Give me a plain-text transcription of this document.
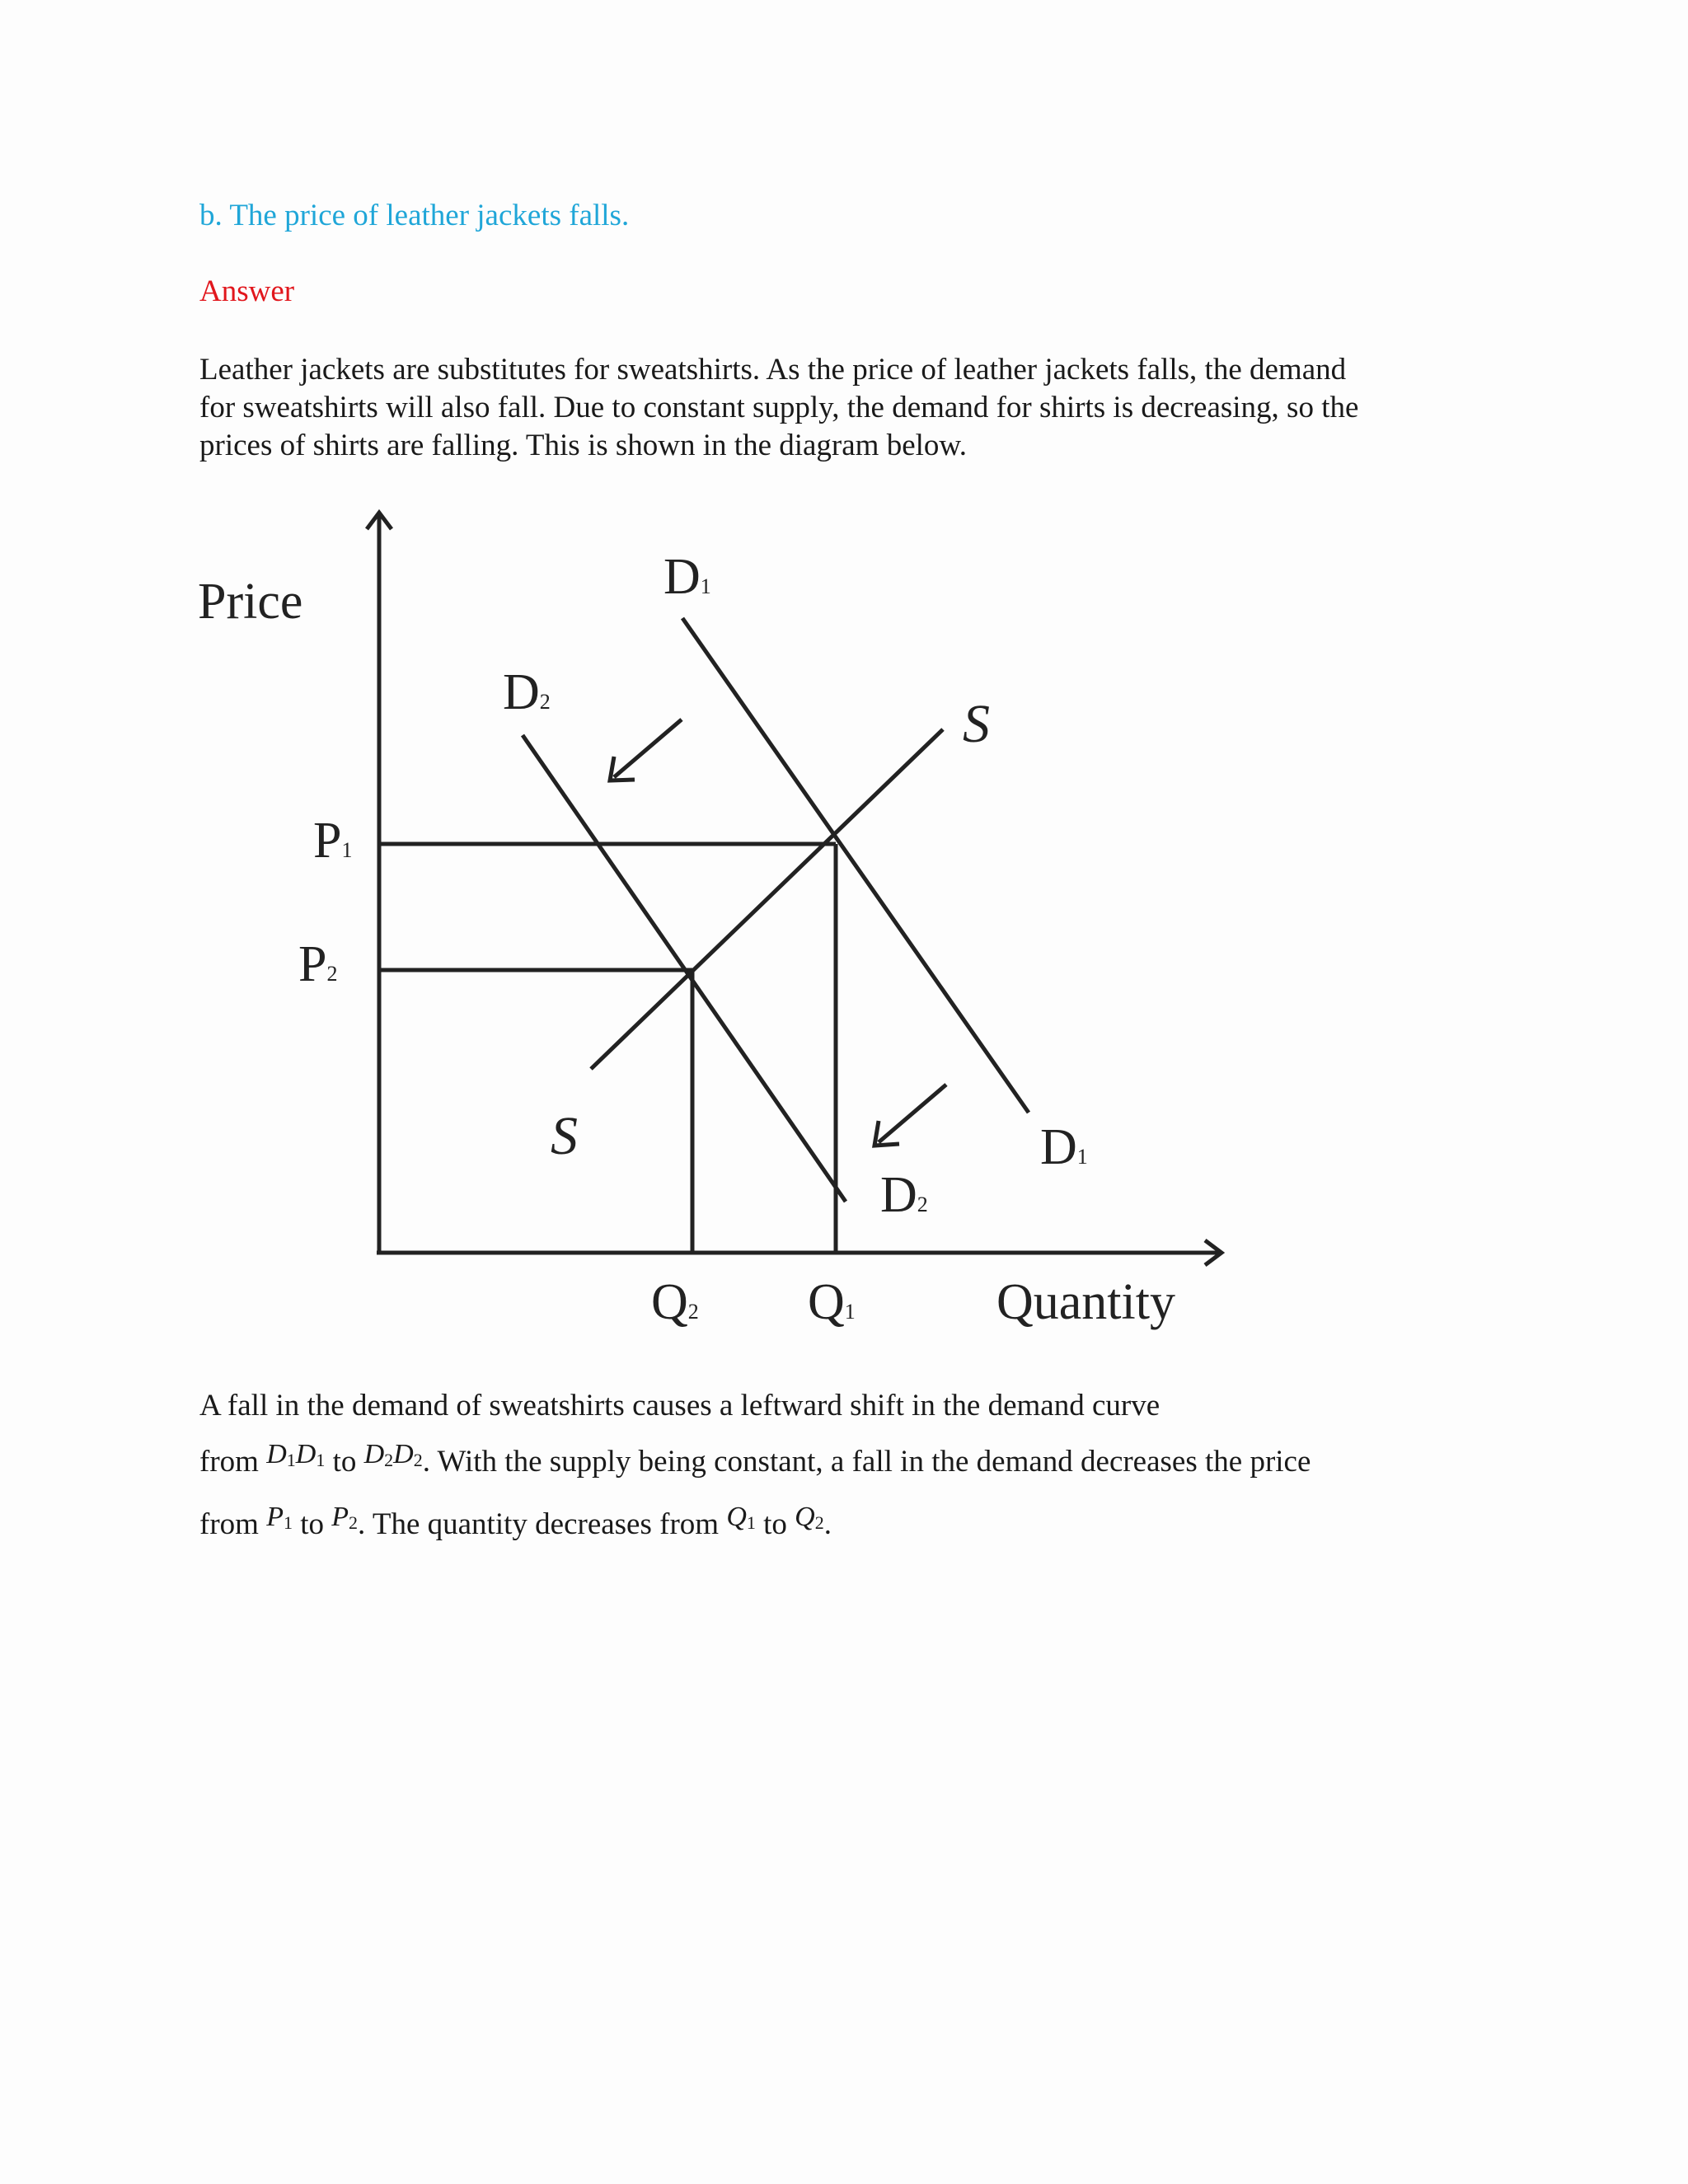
b. The price of leather jackets falls.
Answer
Leather jackets are substitutes for sweatshirts. As the price of leather jackets falls, the demand
for sweatshirts will also fall. Due to constant supply, the demand for shirts is decreasing, so the
prices of shirts are falling. This is shown in the diagram below.
Price
P1
P2
Q2 Q1	Quantity
D1
D2
D2
D1
S
S
A fall in the demand of sweatshirts causes a leftward shift in the demand curve
from $D_1D_1$ to $D_2D_2$. With the supply being constant, a fall in the demand decreases the price
from $P_1$ to $P_2$. The quantity decreases from $Q_1$ to $Q_2$.
